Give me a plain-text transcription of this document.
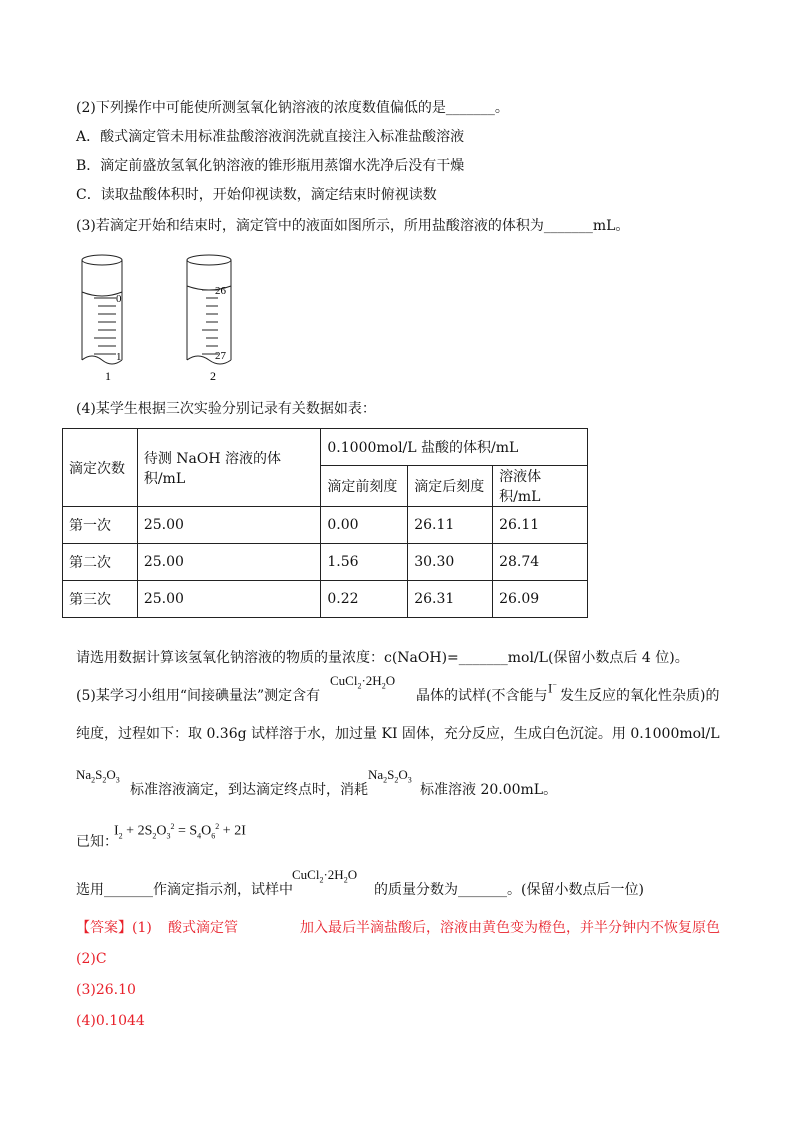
(2)下列操作中可能使所测氢氧化钠溶液的浓度数值偏低的是_______。
A．酸式滴定管未用标准盐酸溶液润洗就直接注入标准盐酸溶液
B．滴定前盛放氢氧化钠溶液的锥形瓶用蒸馏水洗净后没有干燥
C．读取盐酸体积时，开始仰视读数，滴定结束时俯视读数
(3)若滴定开始和结束时，滴定管中的液面如图所示，所用盐酸溶液的体积为_______mL。
0
1
1
26
27
2
(4)某学生根据三次实验分别记录有关数据如表：
滴定次数	待测 NaOH 溶液的体积/mL	0.1000mol/L 盐酸的体积/mL		
		滴定前刻度	滴定后刻度	溶液体积/mL
第一次	25.00	0.00	26.11	26.11
第二次	25.00	1.56	30.30	28.74
第三次	25.00	0.22	26.31	26.09
请选用数据计算该氢氧化钠溶液的物质的量浓度：c(NaOH)=_______mol/L(保留小数点后 4 位)。
(5)某学习小组用“间接碘量法”测定含有
$CuCl_2\cdot 2H_2O$
晶体的试样(不含能与
I−
发生反应的氧化性杂质)的
纯度，过程如下：取 0.36g 试样溶于水，加过量 KI 固体，充分反应，生成白色沉淀。用 0.1000mol/L
$Na_2S_2O_3$
标准溶液滴定，到达滴定终点时，消耗
$Na_2S_2O_3$
标准溶液 20.00mL。
已知：
$I_2 + 2S_2O_3^2 = S_4O_6^2 + 2I$
选用_______作滴定指示剂，试样中
$CuCl_2\cdot 2H_2O$
的质量分数为_______。(保留小数点后一位)
【答案】(1) 酸式滴定管	加入最后半滴盐酸后，溶液由黄色变为橙色，并半分钟内不恢复原色
(2)C
(3)26.10
(4)0.1044
